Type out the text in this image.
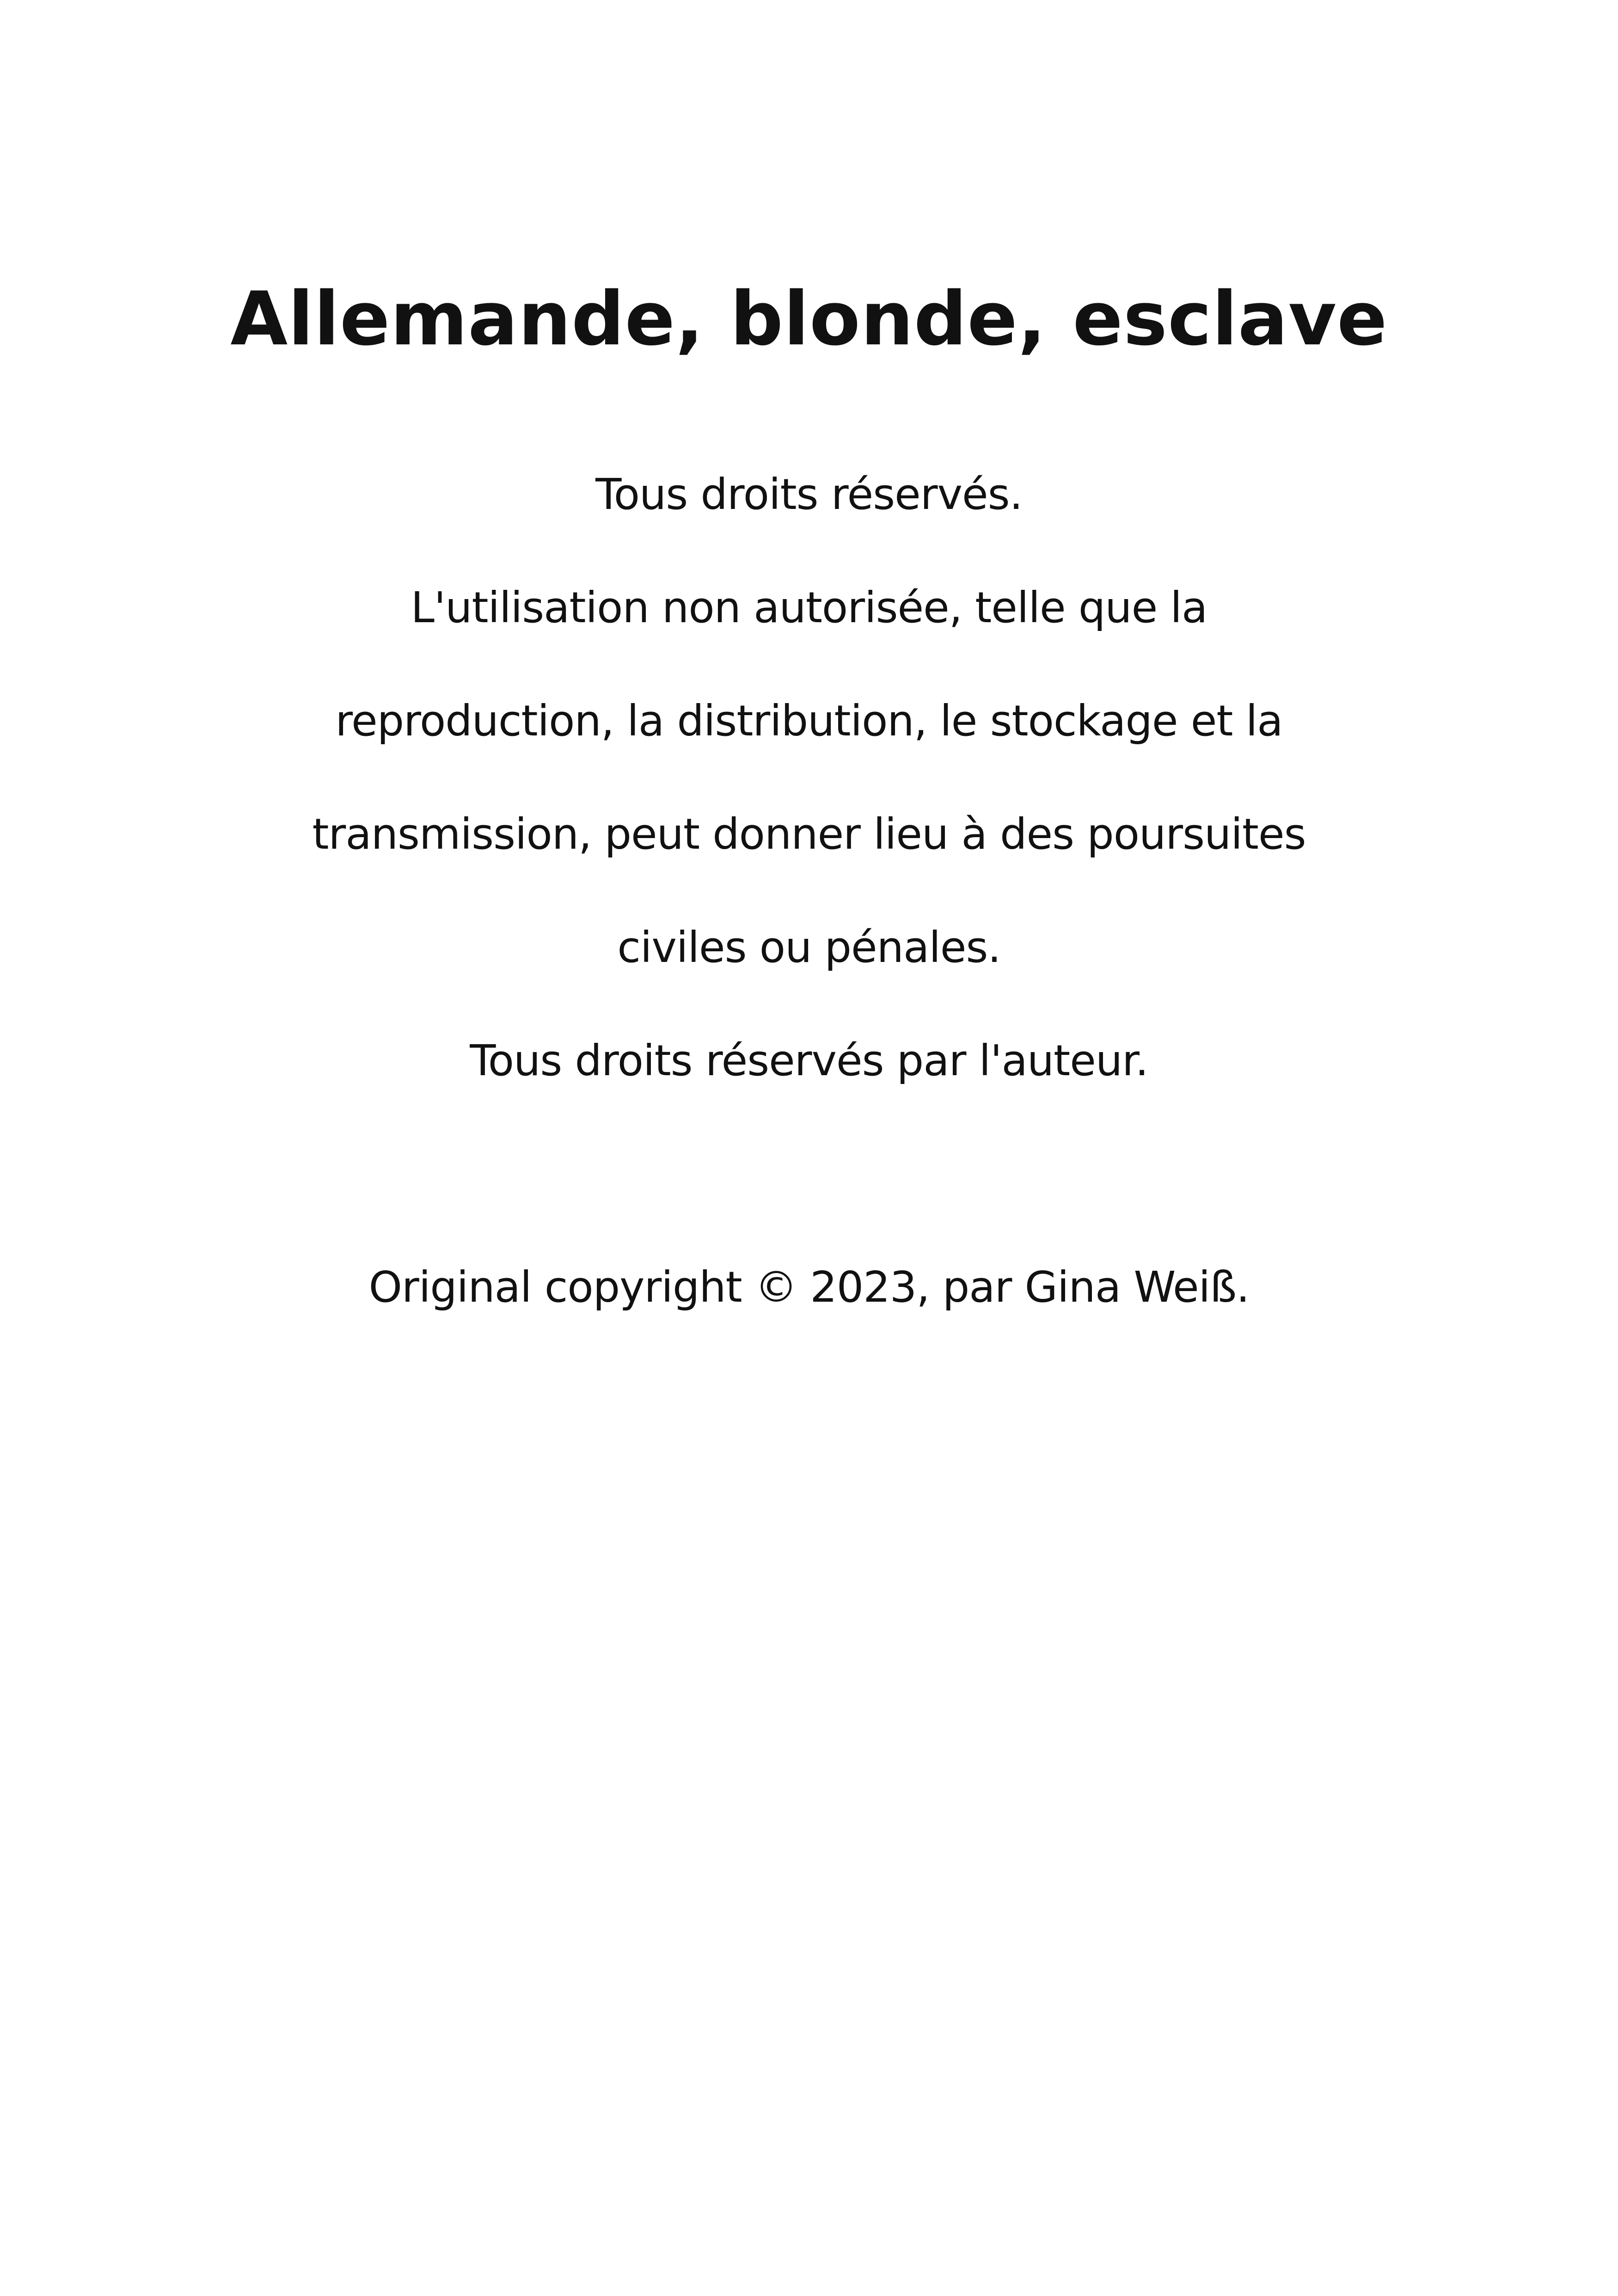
Allemande, blonde, esclave

Tous droits réservés.

L'utilisation non autorisée, telle que la

reproduction, la distribution, le stockage et la

transmission, peut donner lieu à des poursuites

civiles ou pénales.

Tous droits réservés par l'auteur.

Original copyright © 2023, par Gina Weiß.
